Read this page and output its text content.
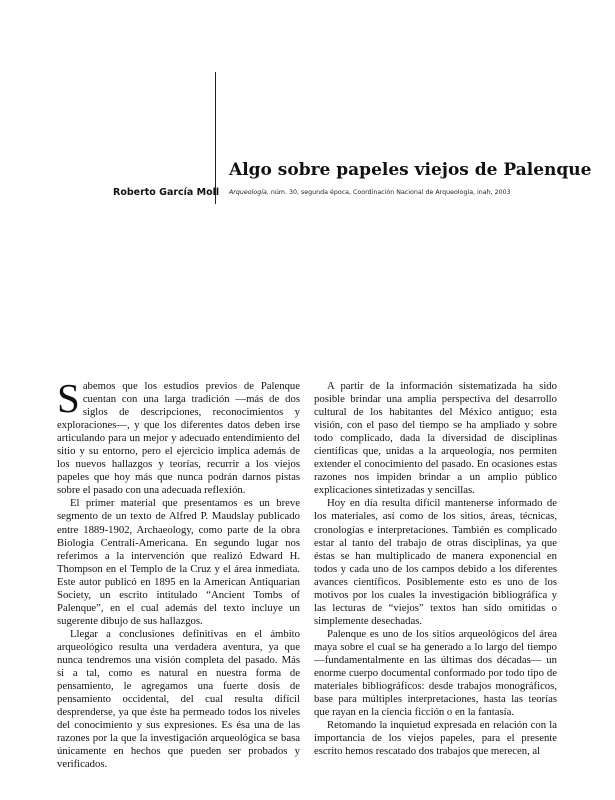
Algo sobre papeles viejos de Palenque
Roberto García Moll Arqueología, núm. 30, segunda época, Coordinación Nacional de Arqueología, inah, 2003

Sabemos que los estudios previos de Palenque cuentan con una larga tradición —más de dos siglos de descripciones, reconocimientos y exploraciones—, y que los diferentes datos deben irse articulando para un mejor y adecuado entendimiento del sitio y su entorno, pero el ejercicio implica además de los nuevos hallazgos y teorías, recurrir a los viejos papeles que hoy más que nunca podrán darnos pistas sobre el pasado con una adecuada reflexión.

El primer material que presentamos es un breve segmento de un texto de Alfred P. Maudslay publicado entre 1889-1902, Archaeology, como parte de la obra Biologia Centrali-Americana. En segundo lugar nos referimos a la intervención que realizó Edward H. Thompson en el Templo de la Cruz y el área inmediata. Este autor publicó en 1895 en la American Antiquarian Society, un escrito intitulado “Ancient Tombs of Palenque”, en el cual además del texto incluye un sugerente dibujo de sus hallazgos.

Llegar a conclusiones definitivas en el ámbito arqueológico resulta una verdadera aventura, ya que nunca tendremos una visión completa del pasado. Más si a tal, como es natural en nuestra forma de pensamiento, le agregamos una fuerte dosis de pensamiento occidental, del cual resulta difícil desprenderse, ya que éste ha permeado todos los niveles del conocimiento y sus expresiones. Es ésa una de las razones por la que la investigación arqueológica se basa únicamente en hechos que pueden ser probados y verificados.

A partir de la información sistematizada ha sido posible brindar una amplia perspectiva del desarrollo cultural de los habitantes del México antiguo; esta visión, con el paso del tiempo se ha ampliado y sobre todo complicado, dada la diversidad de disciplinas científicas que, unidas a la arqueología, nos permiten extender el conocimiento del pasado. En ocasiones estas razones nos impiden brindar a un amplio público explicaciones sintetizadas y sencillas.

Hoy en día resulta difícil mantenerse informado de los materiales, así como de los sitios, áreas, técnicas, cronologías e interpretaciones. También es complicado estar al tanto del trabajo de otras disciplinas, ya que éstas se han multiplicado de manera exponencial en todos y cada uno de los campos debido a los diferentes avances científicos. Posiblemente esto es uno de los motivos por los cuales la investigación bibliográfica y las lecturas de “viejos” textos han sido omitidas o simplemente desechadas.

Palenque es uno de los sitios arqueológicos del área maya sobre el cual se ha generado a lo largo del tiempo —fundamentalmente en las últimas dos décadas— un enorme cuerpo documental conformado por todo tipo de materiales bibliográficos: desde trabajos monográficos, base para múltiples interpretaciones, hasta las teorías que rayan en la ciencia ficción o en la fantasía.

Retomando la inquietud expresada en relación con la importancia de los viejos papeles, para el presente escrito hemos rescatado dos trabajos que merecen, al
